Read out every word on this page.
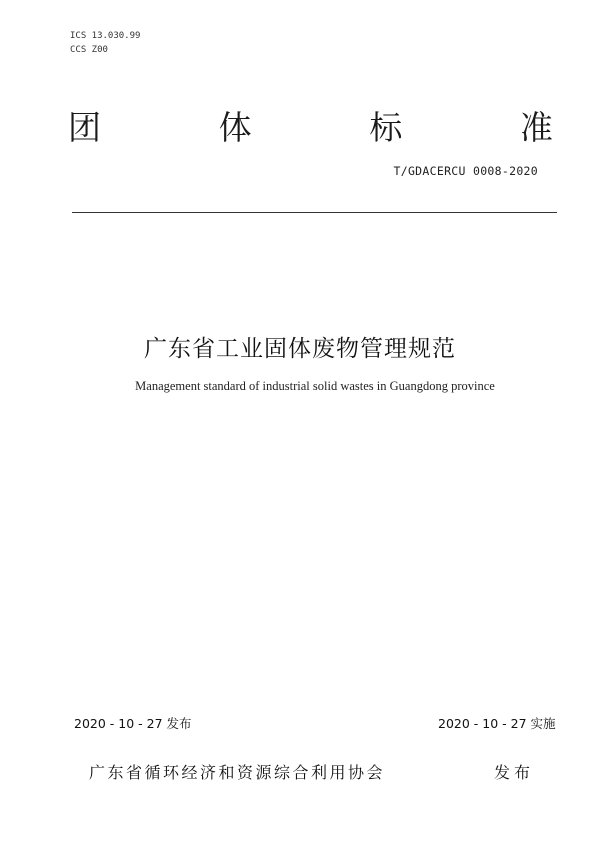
ICS 13.030.99
CCS Z00
团	体	标	准
T/GDACERCU 0008-2020
广东省工业固体废物管理规范
Management standard of industrial solid wastes in Guangdong province
2020 - 10 - 27 发布	2020 - 10 - 27 实施
广东省循环经济和资源综合利用协会	发布
